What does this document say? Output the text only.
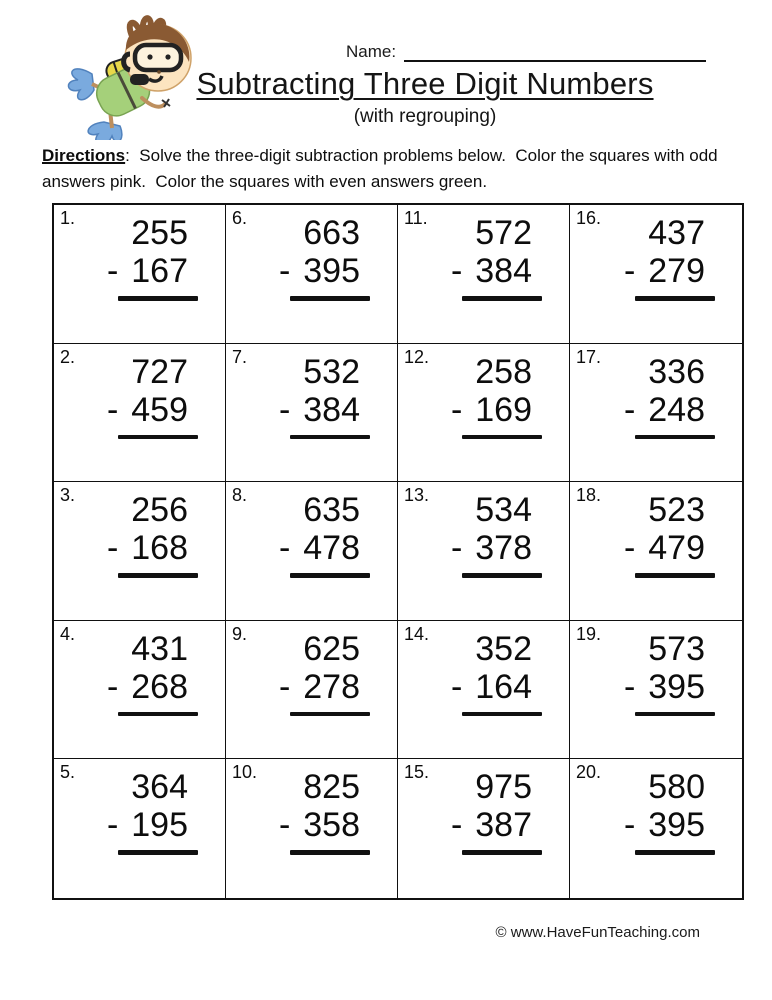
Name:
Subtracting Three Digit Numbers
(with regrouping)

Directions:  Solve the three-digit subtraction problems below.  Color the squares with odd answers pink.  Color the squares with even answers green.

1. 255
- 167
6. 663
- 395
11. 572
- 384
16. 437
- 279
2. 727
- 459
7. 532
- 384
12. 258
- 169
17. 336
- 248
3. 256
- 168
8. 635
- 478
13. 534
- 378
18. 523
- 479
4. 431
- 268
9. 625
- 278
14. 352
- 164
19. 573
- 395
5. 364
- 195
10. 825
- 358
15. 975
- 387
20. 580
- 395
© www.HaveFunTeaching.com
